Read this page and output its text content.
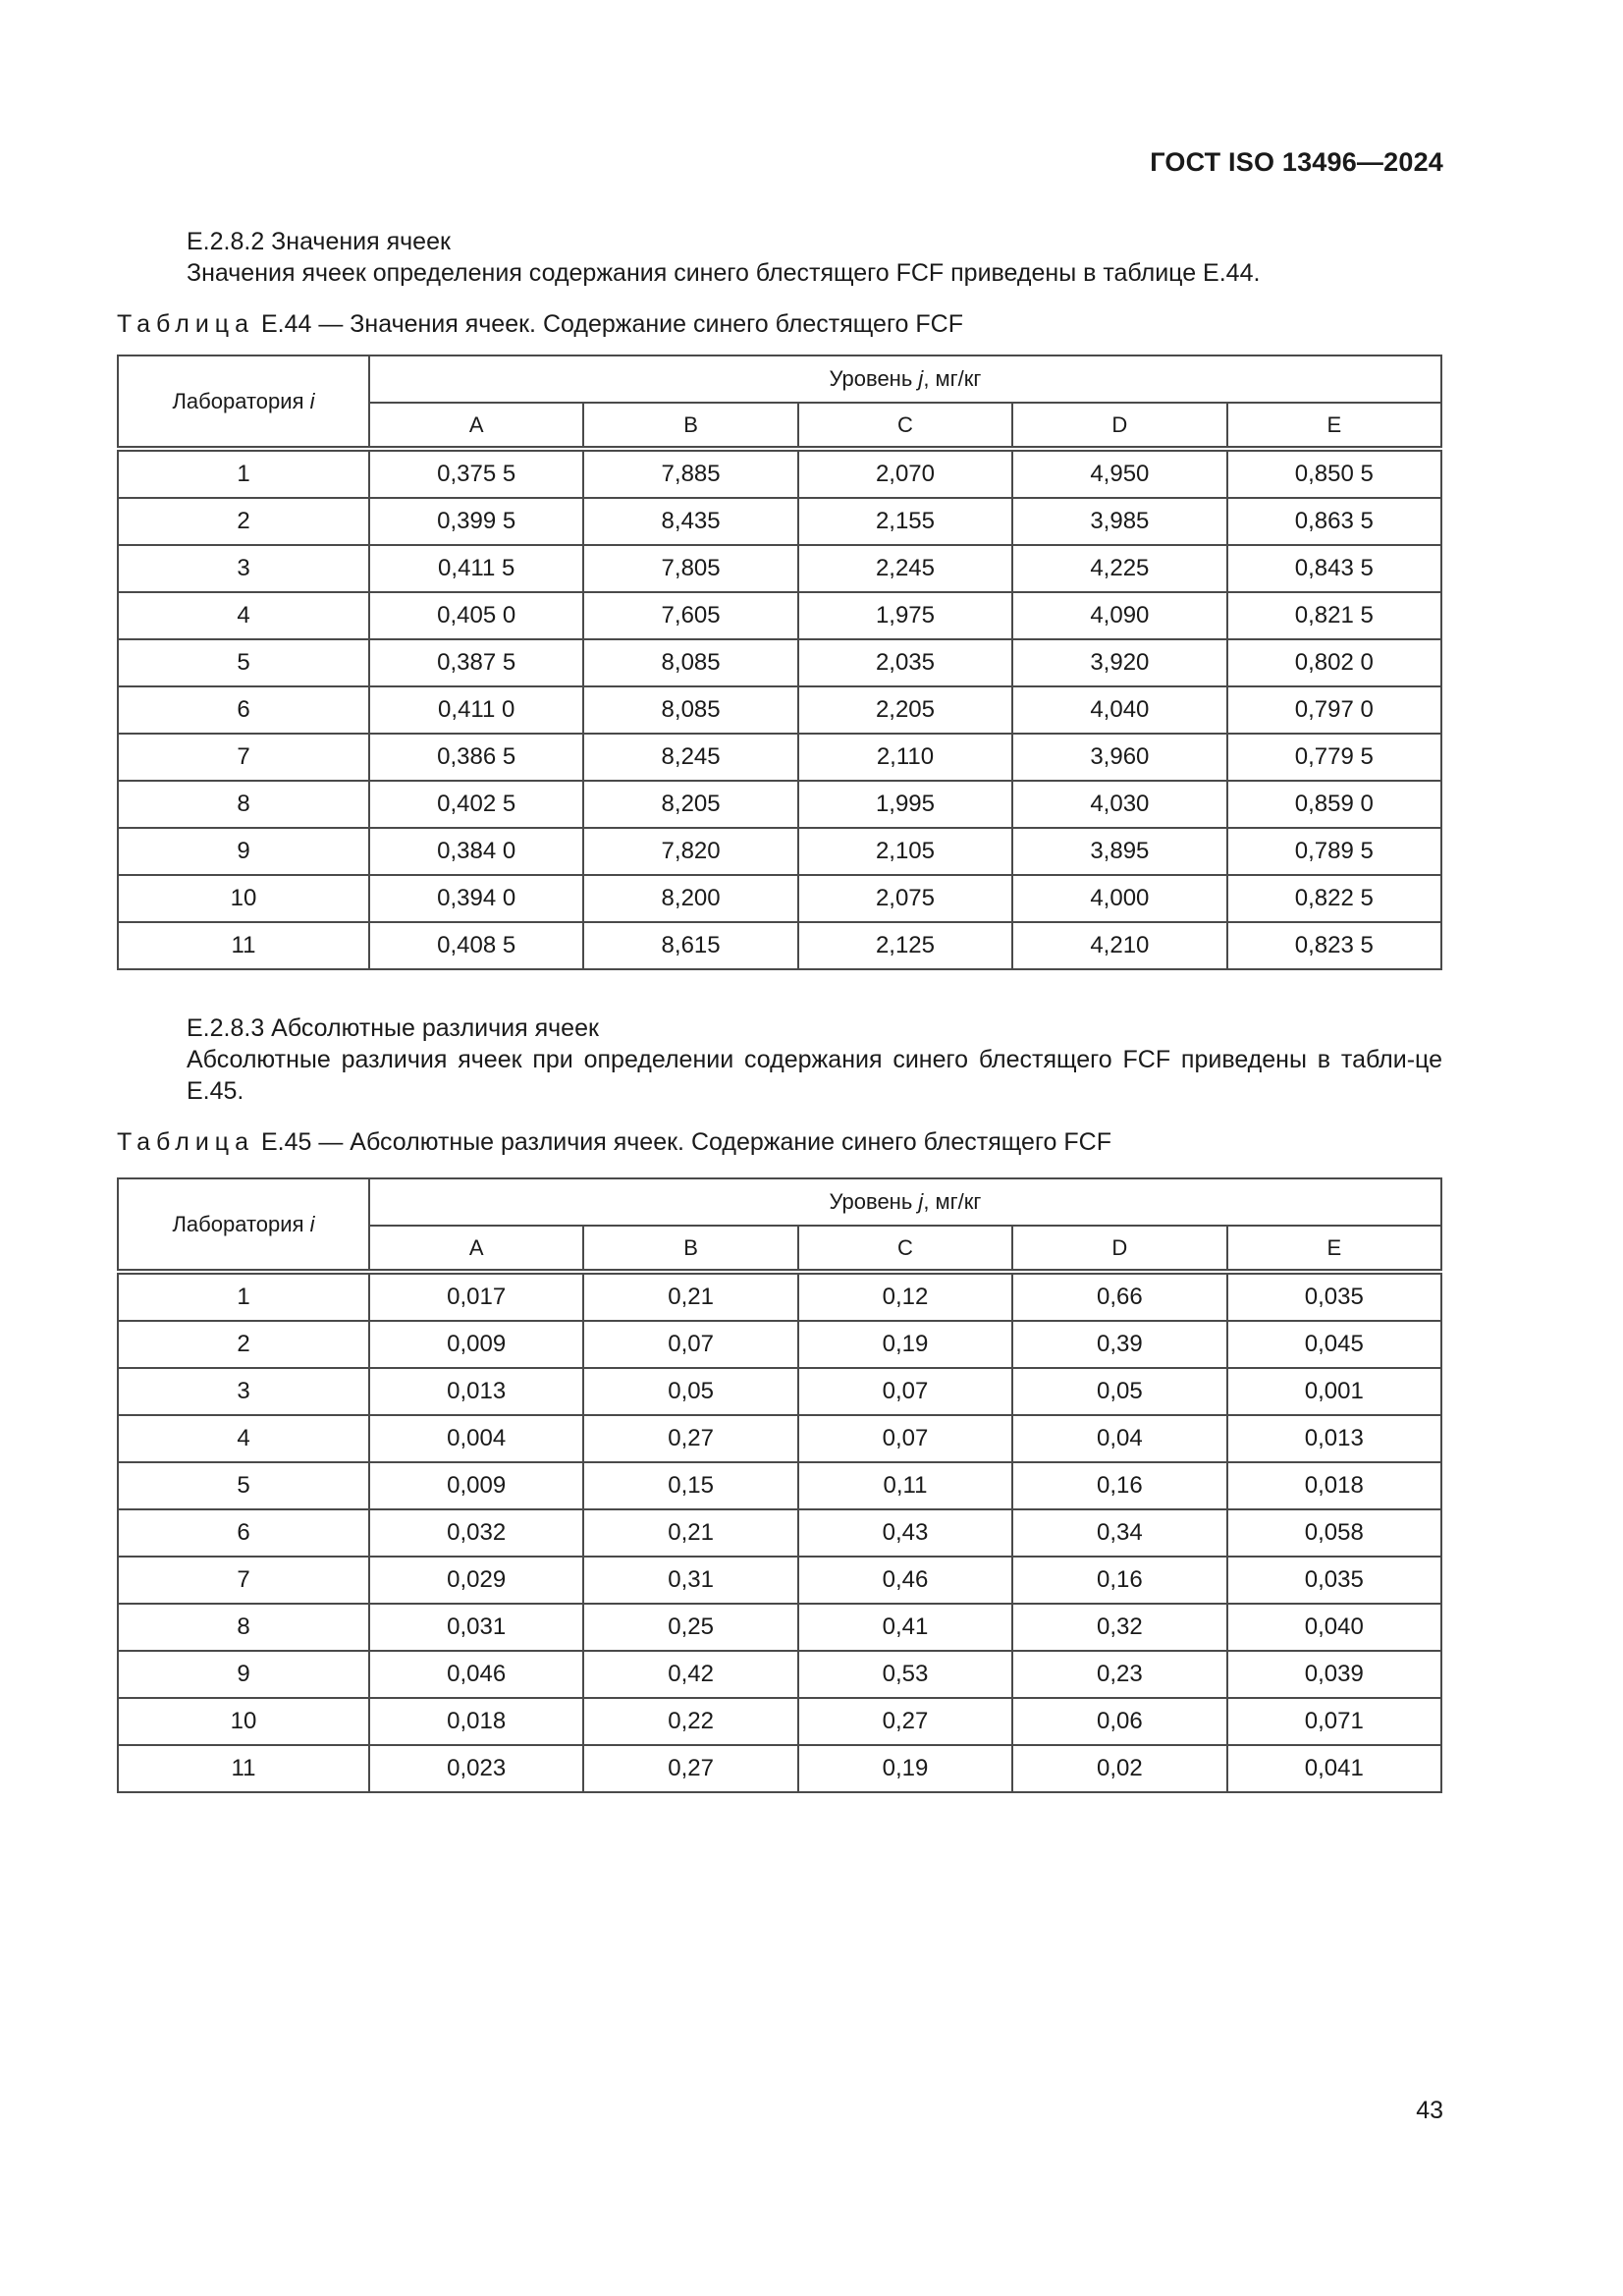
ГОСТ ISO 13496—2024
E.2.8.2 Значения ячеек
Значения ячеек определения содержания синего блестящего FCF приведены в таблице E.44.
Таблица E.44 — Значения ячеек. Содержание синего блестящего FCF
Лаборатория i	Уровень j, мг/кг				
	A	B	C	D	E
1	0,375 5	7,885	2,070	4,950	0,850 5
2	0,399 5	8,435	2,155	3,985	0,863 5
3	0,411 5	7,805	2,245	4,225	0,843 5
4	0,405 0	7,605	1,975	4,090	0,821 5
5	0,387 5	8,085	2,035	3,920	0,802 0
6	0,411 0	8,085	2,205	4,040	0,797 0
7	0,386 5	8,245	2,110	3,960	0,779 5
8	0,402 5	8,205	1,995	4,030	0,859 0
9	0,384 0	7,820	2,105	3,895	0,789 5
10	0,394 0	8,200	2,075	4,000	0,822 5
11	0,408 5	8,615	2,125	4,210	0,823 5
E.2.8.3 Абсолютные различия ячеек
Абсолютные различия ячеек при определении содержания синего блестящего FCF приведены в табли-це E.45.
Таблица E.45 — Абсолютные различия ячеек. Содержание синего блестящего FCF
Лаборатория i	Уровень j, мг/кг				
	A	B	C	D	E
1	0,017	0,21	0,12	0,66	0,035
2	0,009	0,07	0,19	0,39	0,045
3	0,013	0,05	0,07	0,05	0,001
4	0,004	0,27	0,07	0,04	0,013
5	0,009	0,15	0,11	0,16	0,018
6	0,032	0,21	0,43	0,34	0,058
7	0,029	0,31	0,46	0,16	0,035
8	0,031	0,25	0,41	0,32	0,040
9	0,046	0,42	0,53	0,23	0,039
10	0,018	0,22	0,27	0,06	0,071
11	0,023	0,27	0,19	0,02	0,041
43
